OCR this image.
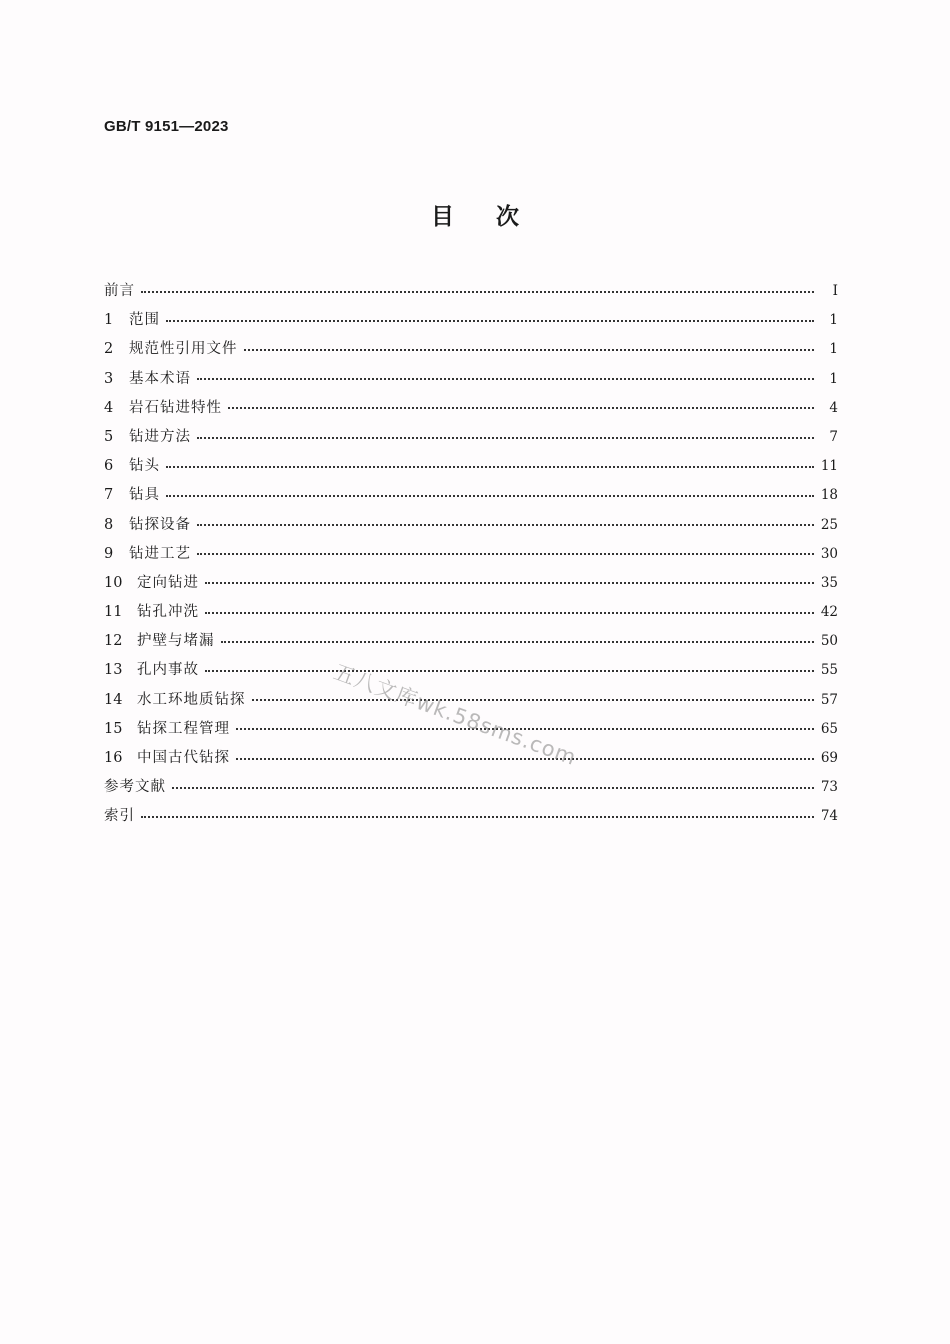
GB/T 9151—2023
目 次
前言	Ⅰ
1	范围	1
2	规范性引用文件	1
3	基本术语	1
4	岩石钻进特性	4
5	钻进方法	7
6	钻头	11
7	钻具	18
8	钻探设备	25
9	钻进工艺	30
10	定向钻进	35
11	钻孔冲洗	42
12	护壁与堵漏	50
13	孔内事故	55
14	水工环地质钻探	57
15	钻探工程管理	65
16	中国古代钻探	69
参考文献	73
索引	74
五八文库wk.58sms.com
